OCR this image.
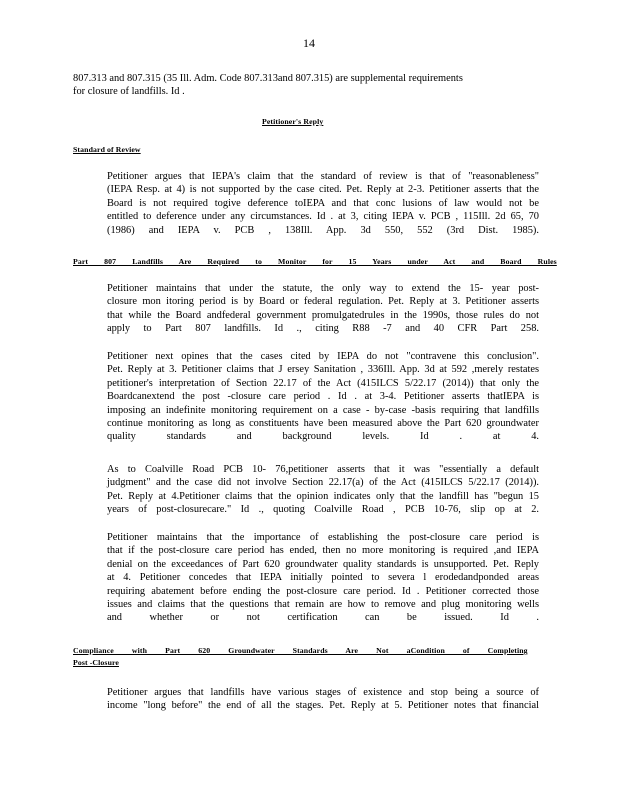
14
807.313 and 807.315 (35 Ill. Adm. Code 807.313and 807.315) are supplemental requirements
for closure of landfills. Id .
Petitioner's Reply
Standard of Review
Petitioner argues that IEPA's claim that the standard of review is that of "reasonableness"
(IEPA Resp. at 4) is not supported by the case cited. Pet. Reply at 2-3. Petitioner asserts that the
Board is not required togive deference toIEPA and that conc lusions of law would not be
entitled to deference under any circumstances. Id . at 3, citing IEPA v. PCB , 115Ill. 2d 65, 70
(1986) and IEPA v. PCB , 138Ill. App. 3d 550, 552 (3rd Dist. 1985).
Part 807 Landfills Are Required to Monitor for 15 Years under Act and Board Rules
Petitioner maintains that under the statute, the only way to extend the 15- year post-
closure mon itoring period is by Board or federal regulation. Pet. Reply at 3. Petitioner asserts
that while the Board andfederal government promulgatedrules in the 1990s, those rules do not
apply to Part 807 landfills. Id ., citing R88 -7 and 40 CFR Part 258.
Petitioner next opines that the cases cited by IEPA do not "contravene this conclusion".
Pet. Reply at 3. Petitioner claims that J ersey Sanitation , 336Ill. App. 3d at 592 ,merely restates
petitioner's interpretation of Section 22.17 of the Act (415ILCS 5/22.17 (2014)) that only the
Boardcanextend the post -closure care period . Id . at 3-4. Petitioner asserts thatIEPA is
imposing an indefinite monitoring requirement on a case - by-case -basis requiring that landfills
continue monitoring as long as constituents have been measured above the Part 620 groundwater
quality standards and background levels. Id . at 4.
As to Coalville Road PCB 10- 76,petitioner asserts that it was "essentially a default
judgment" and the case did not involve Section 22.17(a) of the Act (415ILCS 5/22.17 (2014)).
Pet. Reply at 4.Petitioner claims that the opinion indicates only that the landfill has "begun 15
years of post-closurecare." Id ., quoting Coalville Road , PCB 10-76, slip op at 2.
Petitioner maintains that the importance of establishing the post-closure care period is
that if the post-closure care period has ended, then no more monitoring is required ,and IEPA
denial on the exceedances of Part 620 groundwater quality standards is unsupported. Pet. Reply
at 4. Petitioner concedes that IEPA initially pointed to severa l erodedandponded areas
requiring abatement before ending the post-closure care period. Id . Petitioner corrected those
issues and claims that the questions that remain are how to remove and plug monitoring wells
and whether or not certification can be issued. Id .
Compliance with Part 620 Groundwater Standards Are Not aCondition of Completing
Post -Closure
Petitioner argues that landfills have various stages of existence and stop being a source of
income "long before" the end of all the stages. Pet. Reply at 5. Petitioner notes that financial
